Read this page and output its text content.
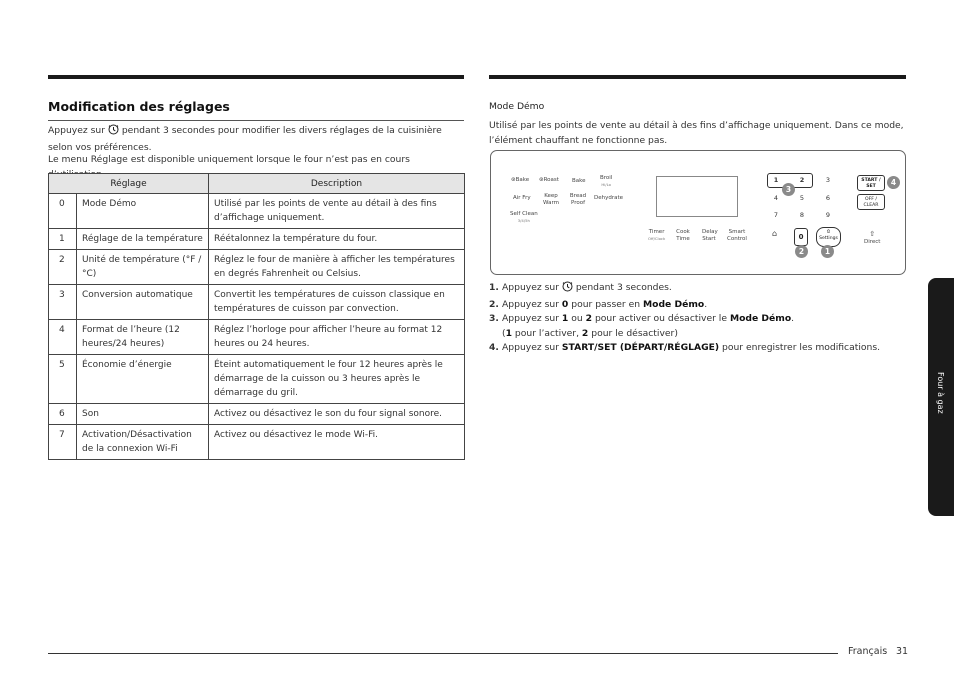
Modification des réglages
Appuyez sur pendant 3 secondes pour modifier les divers réglages de la cuisinière selon vos préférences.
Le menu Réglage est disponible uniquement lorsque le four n’est pas en cours
Réglage		Description
0	Mode Démo	Utilisé par les points de vente au détail à des fins d’affichage uniquement.
1	Réglage de la température	Réétalonnez la température du four.
2	Unité de température (°F / °C)	Réglez le four de manière à afficher les températures en degrés Fahrenheit ou Celsius.
3	Conversion automatique	Convertit les températures de cuisson classique en températures de cuisson par convection.
4	Format de l’heure (12 heures/24 heures)	Réglez l’horloge pour afficher l’heure au format 12 heures ou 24 heures.
5	Économie d’énergie	Éteint automatiquement le four 12 heures après le démarrage de la cuisson ou 3 heures après le démarrage du gril.
6	Son	Activez ou désactivez le son du four signal sonore.
7	Activation/Désactivation de la connexion Wi-Fi	Activez ou désactivez le mode Wi-Fi.
Mode Démo
Utilisé par les points de vente au détail à des fins d’affichage uniquement. Dans ce mode, l’élément chauffant ne fonctionne pas.
⊛Bake ⊛Roast Bake	Broil
Hi/Lo
Air Fry	Keep Warm
Bread Proof
Dehydrate
Self Clean
3/4/5h
Timer
Off/Clock
Cook Time
Delay Start
Smart Control
1	2	3
4	5	6
7	8	9
⌂	0
⏲
Settings
START / SET
OFF / CLEAR
⇧
Direct
3
4
2	1
1. Appuyez sur pendant 3 secondes.
2. Appuyez sur 0 pour passer en Mode Démo.
3. Appuyez sur 1 ou 2 pour activer ou désactiver le Mode Démo.
(1 pour l’activer, 2 pour le désactiver)
4. Appuyez sur START/SET (DÉPART/RÉGLAGE) pour enregistrer les modifications.
Four à gaz
Français 31
